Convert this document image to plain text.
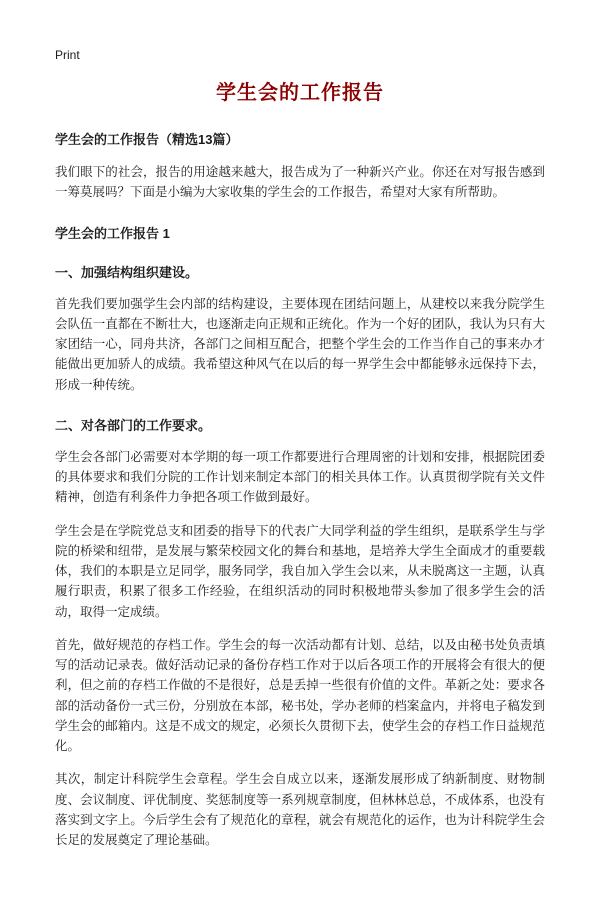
Print
学生会的工作报告
学生会的工作报告（精选13篇）

我们眼下的社会，报告的用途越来越大，报告成为了一种新兴产业。你还在对写报告感到一筹莫展吗？下面是小编为大家收集的学生会的工作报告，希望对大家有所帮助。

学生会的工作报告 1
一、加强结构组织建设。

首先我们要加强学生会内部的结构建设，主要体现在团结问题上，从建校以来我分院学生会队伍一直都在不断壮大，也逐渐走向正规和正统化。作为一个好的团队，我认为只有大家团结一心，同舟共济，各部门之间相互配合，把整个学生会的工作当作自己的事来办才能做出更加骄人的成绩。我希望这种风气在以后的每一界学生会中都能够永远保持下去，形成一种传统。

二、对各部门的工作要求。

学生会各部门必需要对本学期的每一项工作都要进行合理周密的计划和安排，根据院团委的具体要求和我们分院的工作计划来制定本部门的相关具体工作。认真贯彻学院有关文件精神，创造有利条件力争把各项工作做到最好。

学生会是在学院党总支和团委的指导下的代表广大同学利益的学生组织，是联系学生与学院的桥梁和纽带，是发展与繁荣校园文化的舞台和基地，是培养大学生全面成才的重要载体，我们的本职是立足同学，服务同学，我自加入学生会以来，从未脱离这一主题，认真履行职责，积累了很多工作经验，在组织活动的同时积极地带头参加了很多学生会的活动，取得一定成绩。

首先，做好规范的存档工作。学生会的每一次活动都有计划、总结，以及由秘书处负责填写的活动记录表。做好活动记录的备份存档工作对于以后各项工作的开展将会有很大的便利，但之前的存档工作做的不是很好，总是丢掉一些很有价值的文件。革新之处：要求各部的活动备份一式三份，分别放在本部，秘书处，学办老师的档案盒内，并将电子稿发到学生会的邮箱内。这是不成文的规定，必须长久贯彻下去，使学生会的存档工作日益规范化。

其次，制定计科院学生会章程。学生会自成立以来，逐渐发展形成了纳新制度、财物制度、会议制度、评优制度、奖惩制度等一系列规章制度，但林林总总，不成体系，也没有落实到文字上。今后学生会有了规范化的章程，就会有规范化的运作，也为计科院学生会长足的发展奠定了理论基础。
